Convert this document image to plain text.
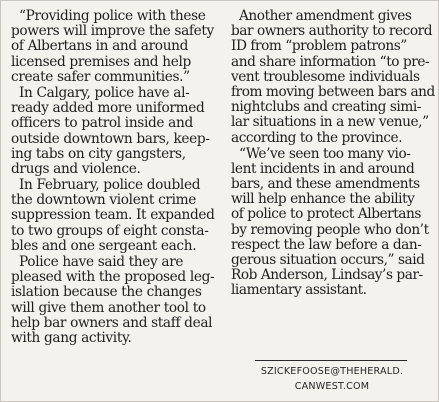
“Providing police with these
powers will improve the safety
of Albertans in and around
licensed premises and help
create safer communities.”
In Calgary, police have al-
ready added more uniformed
officers to patrol inside and
outside downtown bars, keep-
ing tabs on city gangsters,
drugs and violence.
In February, police doubled
the downtown violent crime
suppression team. It expanded
to two groups of eight consta-
bles and one sergeant each.
Police have said they are
pleased with the proposed leg-
islation because the changes
will give them another tool to
help bar owners and staff deal
with gang activity.
Another amendment gives
bar owners authority to record
ID from “problem patrons”
and share information “to pre-
vent troublesome individuals
from moving between bars and
nightclubs and creating simi-
lar situations in a new venue,”
according to the province.
“We’ve seen too many vio-
lent incidents in and around
bars, and these amendments
will help enhance the ability
of police to protect Albertans
by removing people who don’t
respect the law before a dan-
gerous situation occurs,” said
Rob Anderson, Lindsay’s par-
liamentary assistant.
SZICKEFOOSE@THEHERALD.
CANWEST.COM
